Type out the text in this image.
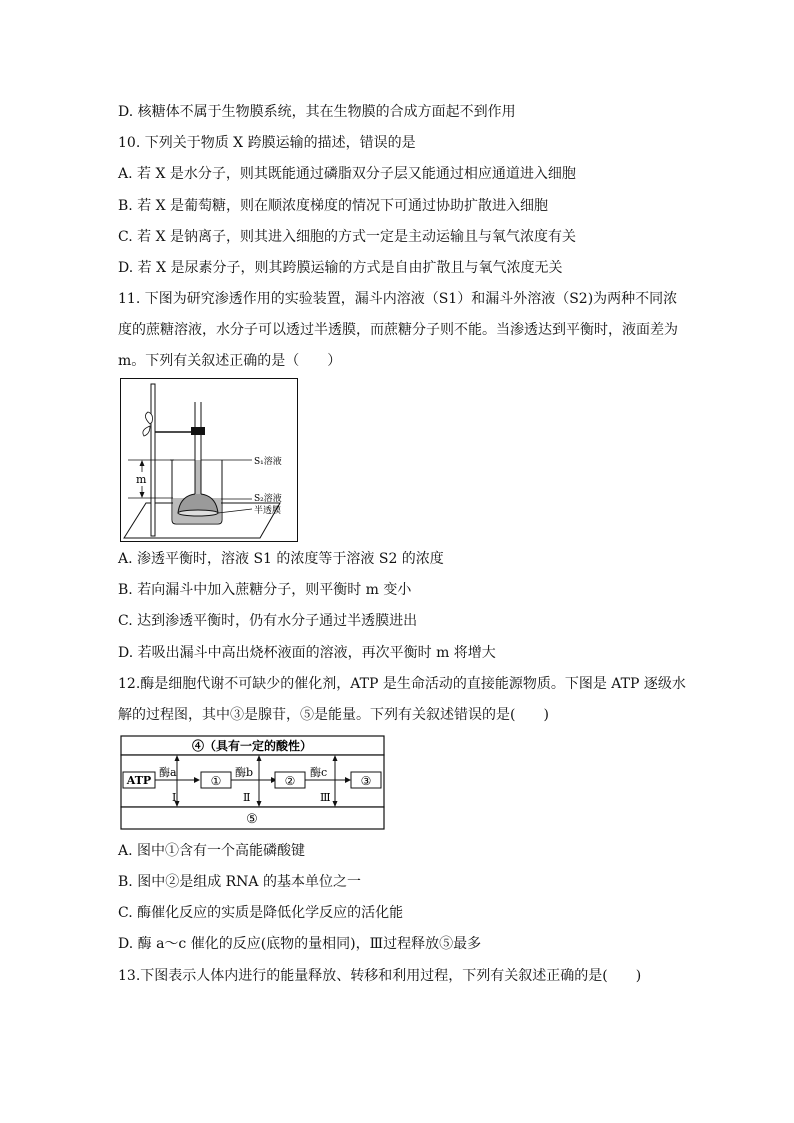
D. 核糖体不属于生物膜系统，其在生物膜的合成方面起不到作用
10. 下列关于物质 X 跨膜运输的描述，错误的是
A. 若 X 是水分子，则其既能通过磷脂双分子层又能通过相应通道进入细胞
B. 若 X 是葡萄糖，则在顺浓度梯度的情况下可通过协助扩散进入细胞
C. 若 X 是钠离子，则其进入细胞的方式一定是主动运输且与氧气浓度有关
D. 若 X 是尿素分子，则其跨膜运输的方式是自由扩散且与氧气浓度无关
11. 下图为研究渗透作用的实验装置，漏斗内溶液（S1）和漏斗外溶液（S2)为两种不同浓
度的蔗糖溶液，水分子可以透过半透膜，而蔗糖分子则不能。当渗透达到平衡时，液面差为
m。下列有关叙述正确的是（　　）
m
S₁溶液
S₂溶液
半透膜
A. 渗透平衡时，溶液 S1 的浓度等于溶液 S2 的浓度
B. 若向漏斗中加入蔗糖分子，则平衡时 m 变小
C. 达到渗透平衡时，仍有水分子通过半透膜进出
D. 若吸出漏斗中高出烧杯液面的溶液，再次平衡时 m 将增大
12.酶是细胞代谢不可缺少的催化剂，ATP 是生命活动的直接能源物质。下图是 ATP 逐级水
解的过程图，其中③是腺苷，⑤是能量。下列有关叙述错误的是(　　)
④（具有一定的酸性）
⑤
ATP
酶a
Ⅰ
①
酶b
Ⅱ
②
酶c
Ⅲ
③
A. 图中①含有一个高能磷酸键
B. 图中②是组成 RNA 的基本单位之一
C. 酶催化反应的实质是降低化学反应的活化能
D. 酶 a～c 催化的反应(底物的量相同)，Ⅲ过程释放⑤最多
13.下图表示人体内进行的能量释放、转移和利用过程，下列有关叙述正确的是(　　)
